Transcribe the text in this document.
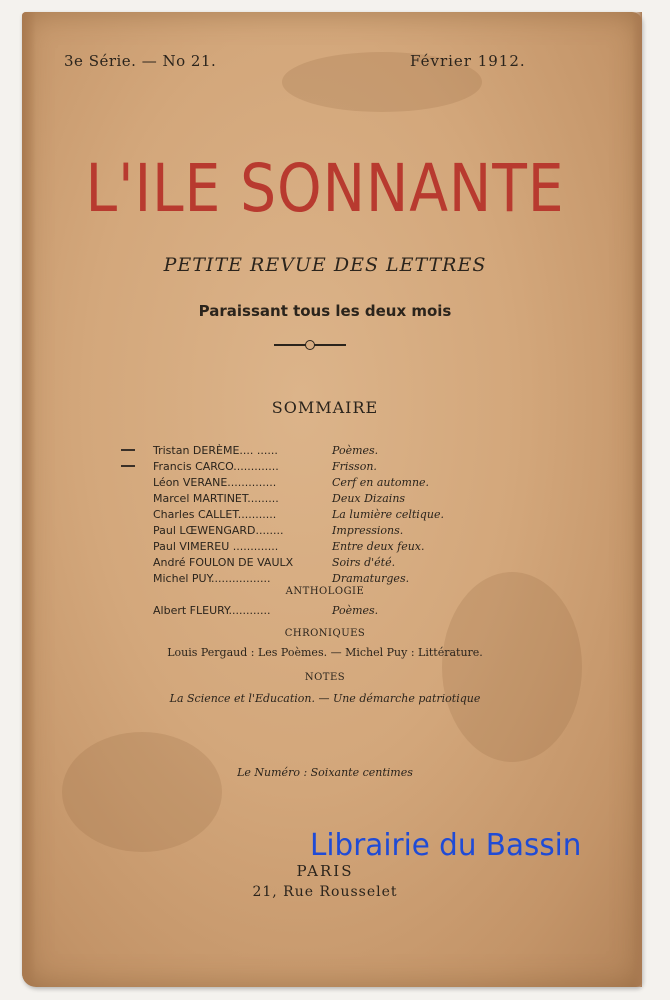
3e Série. — No 21.	Février 1912.
L'ILE SONNANTE
PETITE REVUE DES LETTRES
Paraissant tous les deux mois
SOMMAIRE
Tristan DERÈME.... ......	Poèmes.
Francis CARCO.............	Frisson.
Léon VERANE..............	Cerf en automne.
Marcel MARTINET.........	Deux Dizains
Charles CALLET...........	La lumière celtique.
Paul LŒWENGARD........	Impressions.
Paul VIMEREU .............	Entre deux feux.
André FOULON DE VAULX	Soirs d'été.
Michel PUY.................	Dramaturges.
ANTHOLOGIE
Albert FLEURY............	Poèmes.
CHRONIQUES
Louis Pergaud : Les Poèmes. — Michel Puy : Littérature.
NOTES
La Science et l'Education. — Une démarche patriotique
Le Numéro : Soixante centimes
PARIS
21, Rue Rousselet
Librairie du Bassin
